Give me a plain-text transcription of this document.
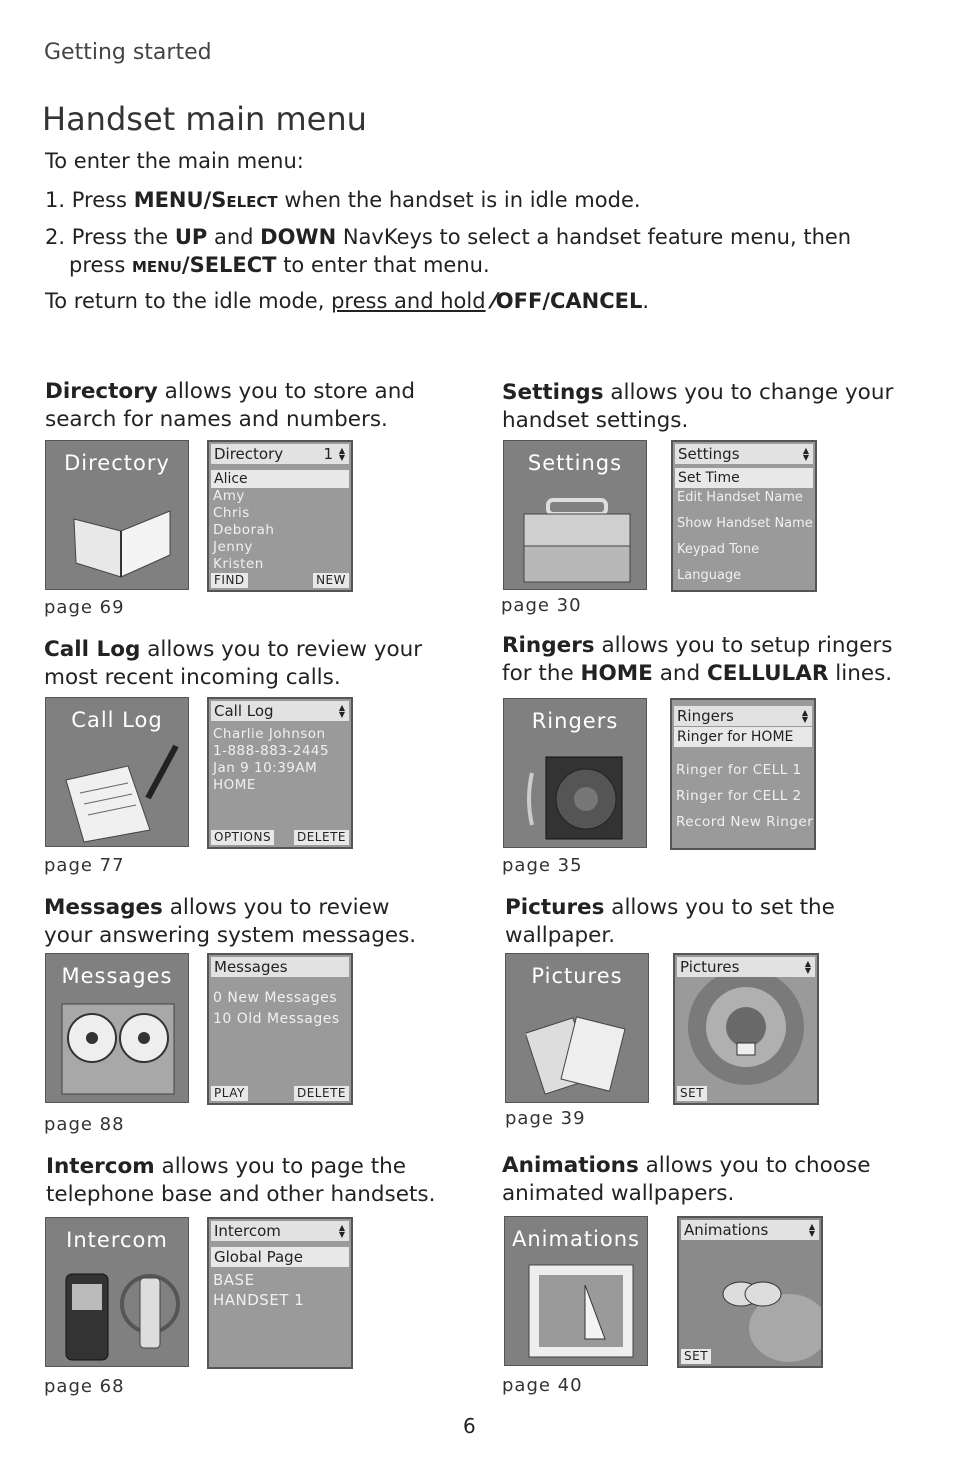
Getting started
Handset main menu
To enter the main menu:
1. Press MENU/Select when the handset is in idle mode.
2. Press the UP and DOWN NavKeys to select a handset feature menu, then
press menu/SELECT to enter that menu.
To return to the idle mode, press and hold ⁄OFF/CANCEL.
Directory allows you to store and search for names and numbers.
Directory	Directory	1 ▲
▼
Alice
Amy
Chris
Deborah
Jenny
Kristen
FIND	NEW
page 69
Settings allows you to change your handset settings.
Settings	Settings	▲
▼
Set Time
Edit Handset Name
Show Handset Name
Keypad Tone
Language
page 30
Call Log allows you to review your most recent incoming calls.
Call Log	Call Log	▲
▼
Charlie Johnson
1-888-883-2445
Jan 9 10:39AM
HOME
OPTIONS DELETE
page 77
Ringers allows you to setup ringers for the HOME and CELLULAR lines.
Ringers	Ringers	▲
▼
Ringer for HOME
Ringer for CELL 1
Ringer for CELL 2
Record New Ringer
page 35
Messages allows you to review your answering system messages.
Messages	Messages
0 New Messages
10 Old Messages
PLAY	DELETE
page 88
Pictures allows you to set the wallpaper.
Pictures	Pictures	▲
▼
SET
page 39
Intercom allows you to page the telephone base and other handsets.
Intercom	Intercom	▲
▼
Global Page
BASE
HANDSET 1
page 68
Animations allows you to choose animated wallpapers.
Animations	Animations	▲
▼
SET
page 40
6
